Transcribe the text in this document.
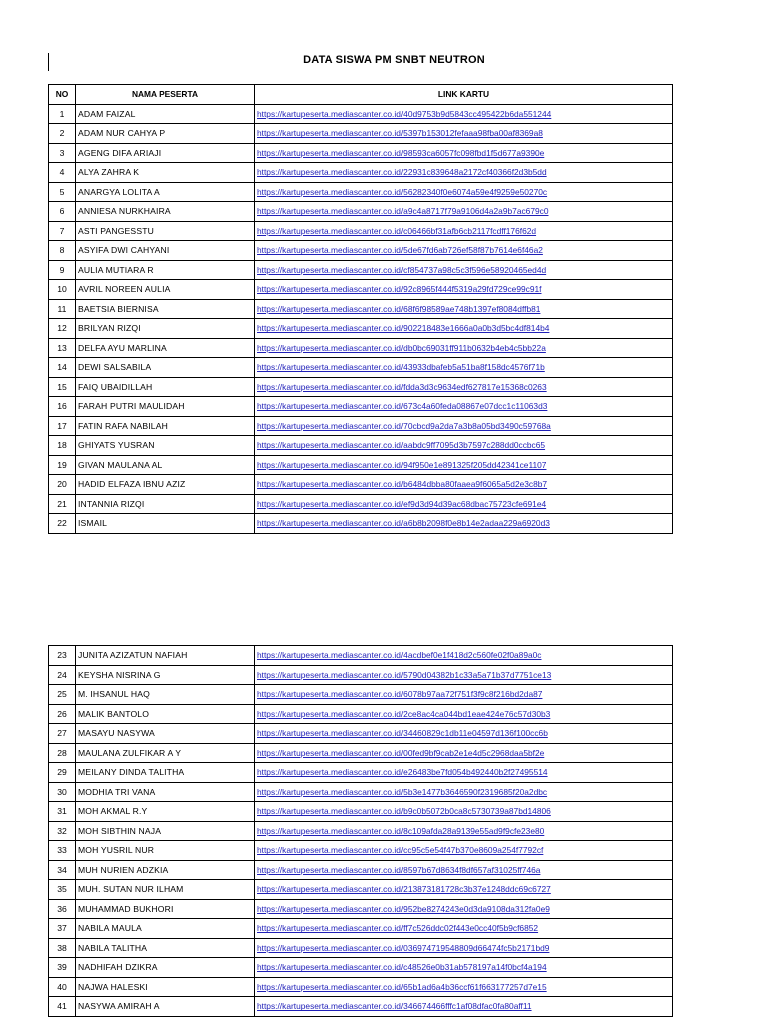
DATA SISWA PM SNBT NEUTRON
NO	NAMA PESERTA	LINK KARTU
1	ADAM FAIZAL	https://kartupeserta.mediascanter.co.id/40d9753b9d5843cc495422b6da551244
2	ADAM NUR CAHYA P	https://kartupeserta.mediascanter.co.id/5397b153012fefaaa98fba00af8369a8
3	AGENG DIFA ARIAJI	https://kartupeserta.mediascanter.co.id/98593ca6057fc098fbd1f5d677a9390e
4	ALYA ZAHRA K	https://kartupeserta.mediascanter.co.id/22931c839648a2172cf40366f2d3b5dd
5	ANARGYA LOLITA A	https://kartupeserta.mediascanter.co.id/56282340f0e6074a59e4f9259e50270c
6	ANNIESA NURKHAIRA	https://kartupeserta.mediascanter.co.id/a9c4a8717f79a9106d4a2a9b7ac679c0
7	ASTI PANGESSTU	https://kartupeserta.mediascanter.co.id/c06466bf31afb6cb2117fcdff176f62d
8	ASYIFA DWI CAHYANI	https://kartupeserta.mediascanter.co.id/5de67fd6ab726ef58f87b7614e6f46a2
9	AULIA MUTIARA R	https://kartupeserta.mediascanter.co.id/cf854737a98c5c3f596e58920465ed4d
10	AVRIL NOREEN AULIA	https://kartupeserta.mediascanter.co.id/92c8965f444f5319a29fd729ce99c91f
11	BAETSIA BIERNISA	https://kartupeserta.mediascanter.co.id/68f6f98589ae748b1397ef8084dffb81
12	BRILYAN RIZQI	https://kartupeserta.mediascanter.co.id/902218483e1666a0a0b3d5bc4df814b4
13	DELFA AYU MARLINA	https://kartupeserta.mediascanter.co.id/db0bc69031ff911b0632b4eb4c5bb22a
14	DEWI SALSABILA	https://kartupeserta.mediascanter.co.id/43933dbafeb5a51ba8f158dc4576f71b
15	FAIQ UBAIDILLAH	https://kartupeserta.mediascanter.co.id/fdda3d3c9634edf627817e15368c0263
16	FARAH PUTRI MAULIDAH	https://kartupeserta.mediascanter.co.id/673c4a60feda08867e07dcc1c11063d3
17	FATIN RAFA NABILAH	https://kartupeserta.mediascanter.co.id/70cbcd9a2da7a3b8a05bd3490c59768a
18	GHIYATS YUSRAN	https://kartupeserta.mediascanter.co.id/aabdc9ff7095d3b7597c288dd0ccbc65
19	GIVAN MAULANA AL	https://kartupeserta.mediascanter.co.id/94f950e1e891325f205dd42341ce1107
20	HADID ELFAZA IBNU AZIZ	https://kartupeserta.mediascanter.co.id/b6484dbba80faaea9f6065a5d2e3c8b7
21	INTANNIA RIZQI	https://kartupeserta.mediascanter.co.id/ef9d3d94d39ac68dbac75723cfe691e4
22	ISMAIL	https://kartupeserta.mediascanter.co.id/a6b8b2098f0e8b14e2adaa229a6920d3
23	JUNITA AZIZATUN NAFIAH	https://kartupeserta.mediascanter.co.id/4acdbef0e1f418d2c560fe02f0a89a0c
24	KEYSHA NISRINA G	https://kartupeserta.mediascanter.co.id/5790d04382b1c33a5a71b37d7751ce13
25	M. IHSANUL HAQ	https://kartupeserta.mediascanter.co.id/6078b97aa72f751f3f9c8f216bd2da87
26	MALIK BANTOLO	https://kartupeserta.mediascanter.co.id/2ce8ac4ca044bd1eae424e76c57d30b3
27	MASAYU NASYWA	https://kartupeserta.mediascanter.co.id/34460829c1db11e04597d136f100cc6b
28	MAULANA ZULFIKAR A Y	https://kartupeserta.mediascanter.co.id/00fed9bf9cab2e1e4d5c2968daa5bf2e
29	MEILANY DINDA TALITHA	https://kartupeserta.mediascanter.co.id/e26483be7fd054b492440b2f27495514
30	MODHIA TRI VANA	https://kartupeserta.mediascanter.co.id/5b3e1477b3646590f2319685f20a2dbc
31	MOH AKMAL R.Y	https://kartupeserta.mediascanter.co.id/b9c0b5072b0ca8c5730739a87bd14806
32	MOH SIBTHIN NAJA	https://kartupeserta.mediascanter.co.id/8c109afda28a9139e55ad9f9cfe23e80
33	MOH YUSRIL NUR	https://kartupeserta.mediascanter.co.id/cc95c5e54f47b370e8609a254f7792cf
34	MUH NURIEN ADZKIA	https://kartupeserta.mediascanter.co.id/8597b67d8634f8df657af31025ff746a
35	MUH. SUTAN NUR ILHAM	https://kartupeserta.mediascanter.co.id/213873181728c3b37e1248ddc69c6727
36	MUHAMMAD BUKHORI	https://kartupeserta.mediascanter.co.id/952be8274243e0d3da9108da312fa0e9
37	NABILA MAULA	https://kartupeserta.mediascanter.co.id/ff7c526ddc02f443e0cc40f5b9cf6852
38	NABILA TALITHA	https://kartupeserta.mediascanter.co.id/036974719548809d66474fc5b2171bd9
39	NADHIFAH DZIKRA	https://kartupeserta.mediascanter.co.id/c48526e0b31ab578197a14f0bcf4a194
40	NAJWA HALESKI	https://kartupeserta.mediascanter.co.id/65b1ad6a4b36ccf61f663177257d7e15
41	NASYWA AMIRAH A	https://kartupeserta.mediascanter.co.id/346674466fffc1af08dfac0fa80aff11
